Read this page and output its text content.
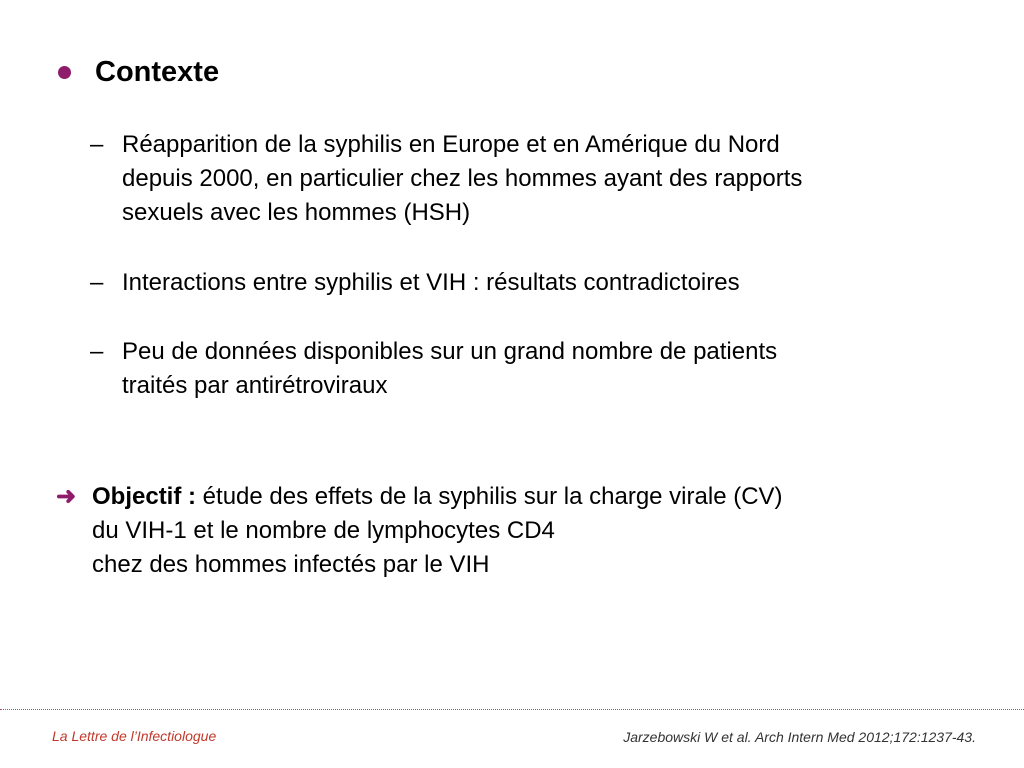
Contexte
– Réapparition de la syphilis en Europe et en Amérique du Nord
depuis 2000, en particulier chez les hommes ayant des rapports
sexuels avec les hommes (HSH)
– Interactions entre syphilis et VIH : résultats contradictoires
– Peu de données disponibles sur un grand nombre de patients
traités par antirétroviraux
➜ Objectif : étude des effets de la syphilis sur la charge virale (CV)
du VIH-1 et le nombre de lymphocytes CD4
chez des hommes infectés par le VIH
La Lettre de l’Infectiologue	Jarzebowski W et al. Arch Intern Med 2012;172:1237-43.
